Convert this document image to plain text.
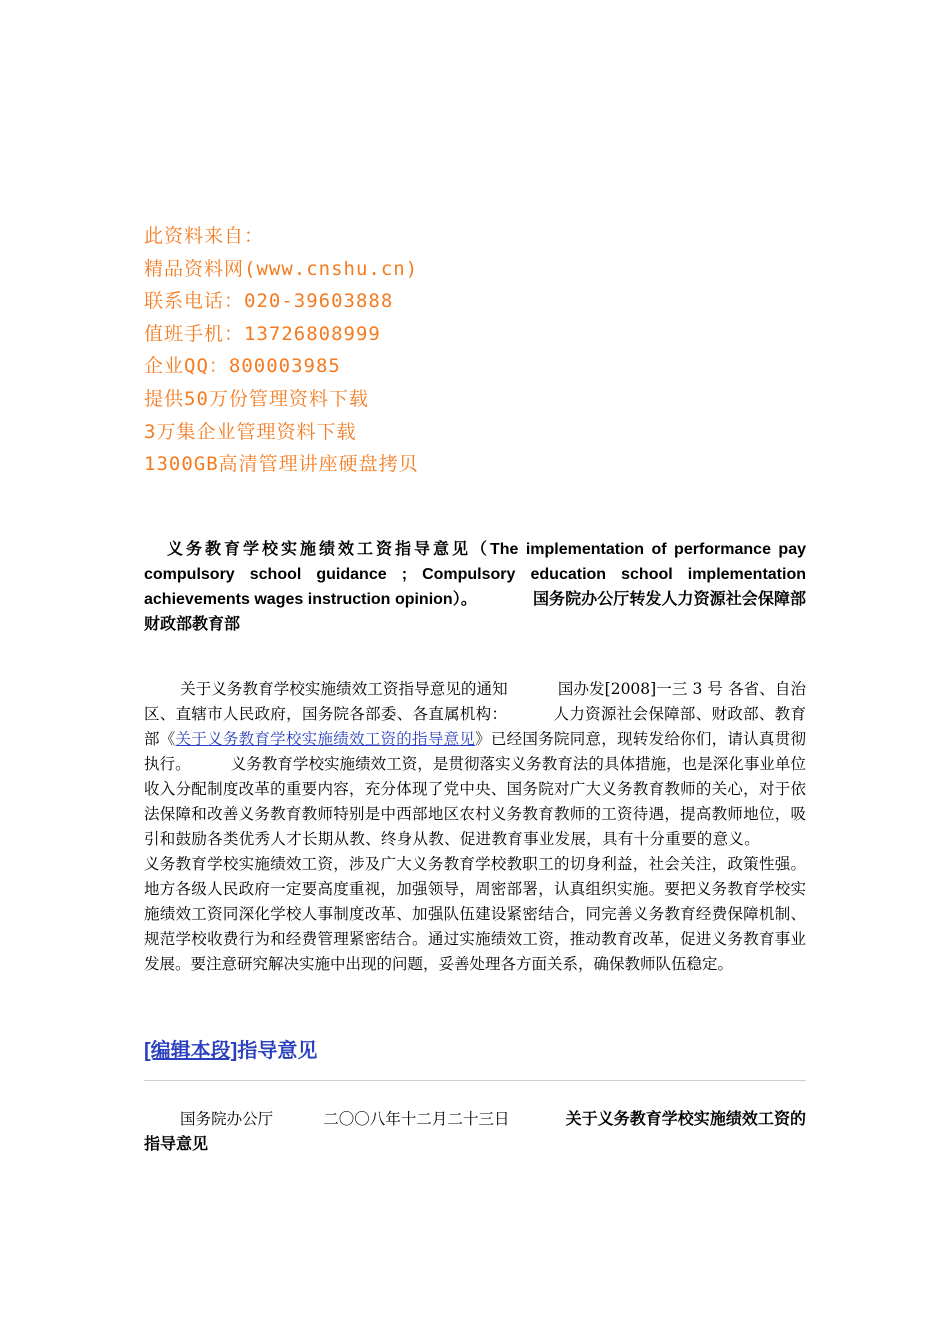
此资料来自：
精品资料网(www.cnshu.cn)
联系电话：020-39603888
值班手机：13726808999
企业QQ：800003985
提供50万份管理资料下载
3万集企业管理资料下载
1300GB高清管理讲座硬盘拷贝
义务教育学校实施绩效工资指导意见（The implementation of performance pay compulsory school guidance ; Compulsory education school implementation achievements wages instruction opinion）。	国务院办公厅转发人力资源社会保障部财政部教育部
关于义务教育学校实施绩效工资指导意见的通知	国办发[2008]一三 3 号 各省、自治区、直辖市人民政府，国务院各部委、各直属机构：	人力资源社会保障部、财政部、教育部《关于义务教育学校实施绩效工资的指导意见》已经国务院同意，现转发给你们，请认真贯彻执行。	义务教育学校实施绩效工资，是贯彻落实义务教育法的具体措施，也是深化事业单位收入分配制度改革的重要内容，充分体现了党中央、国务院对广大义务教育教师的关心，对于依法保障和改善义务教育教师特别是中西部地区农村义务教育教师的工资待遇，提高教师地位，吸引和鼓励各类优秀人才长期从教、终身从教、促进教育事业发展，具有十分重要的意义。义务教育学校实施绩效工资，涉及广大义务教育学校教职工的切身利益，社会关注，政策性强。地方各级人民政府一定要高度重视，加强领导，周密部署，认真组织实施。要把义务教育学校实施绩效工资同深化学校人事制度改革、加强队伍建设紧密结合，同完善义务教育经费保障机制、规范学校收费行为和经费管理紧密结合。通过实施绩效工资，推动教育改革，促进义务教育事业发展。要注意研究解决实施中出现的问题，妥善处理各方面关系，确保教师队伍稳定。
[编辑本段]指导意见
国务院办公厅	二〇〇八年十二月二十三日	关于义务教育学校实施绩效工资的指导意见
